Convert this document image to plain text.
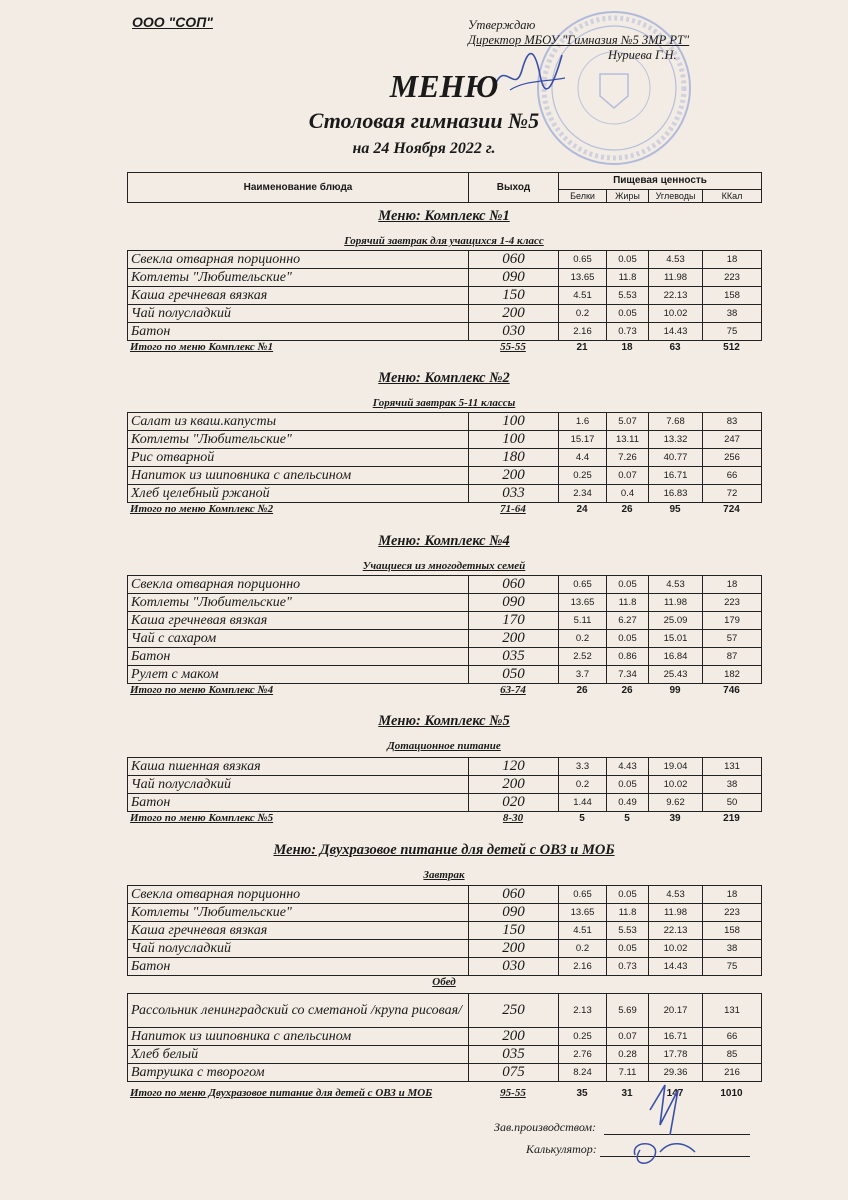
ООО "СОП"	Утверждаю
Директор МБОУ "Гимназия №5 ЗМР РТ"
Нуриева Г.Н.
МЕНЮ
Столовая гимназии №5
на 24 Ноября 2022 г.
Наименование блюда	Выход	Пищевая ценность			
		Белки	Жиры	Углеводы	ККал
Меню: Комплекс №1
Горячий завтрак для учащихся 1-4 класс
Свекла отварная порционно	060	0.65	0.05	4.53	18
Котлеты "Любительские"	090	13.65	11.8	11.98	223
Каша гречневая вязкая	150	4.51	5.53	22.13	158
Чай полусладкий	200	0.2	0.05	10.02	38
Батон	030	2.16	0.73	14.43	75
Итого по меню Комплекс №1	55-55	21	18	63	512
Меню: Комплекс №2
Горячий завтрак 5-11 классы
Салат из кваш.капусты	100	1.6	5.07	7.68	83
Котлеты "Любительские"	100	15.17	13.11	13.32	247
Рис отварной	180	4.4	7.26	40.77	256
Напиток из шиповника с апельсином	200	0.25	0.07	16.71	66
Хлеб целебный ржаной	033	2.34	0.4	16.83	72
Итого по меню Комплекс №2	71-64	24	26	95	724
Меню: Комплекс №4
Учащиеся из многодетных семей
Свекла отварная порционно	060	0.65	0.05	4.53	18
Котлеты "Любительские"	090	13.65	11.8	11.98	223
Каша гречневая вязкая	170	5.11	6.27	25.09	179
Чай с сахаром	200	0.2	0.05	15.01	57
Батон	035	2.52	0.86	16.84	87
Рулет с маком	050	3.7	7.34	25.43	182
Итого по меню Комплекс №4	63-74	26	26	99	746
Меню: Комплекс №5
Дотационное питание
Каша пшенная вязкая	120	3.3	4.43	19.04	131
Чай полусладкий	200	0.2	0.05	10.02	38
Батон	020	1.44	0.49	9.62	50
Итого по меню Комплекс №5	8-30	5	5	39	219
Меню: Двухразовое питание для детей с ОВЗ и МОБ
Завтрак
Свекла отварная порционно	060	0.65	0.05	4.53	18
Котлеты "Любительские"	090	13.65	11.8	11.98	223
Каша гречневая вязкая	150	4.51	5.53	22.13	158
Чай полусладкий	200	0.2	0.05	10.02	38
Батон	030	2.16	0.73	14.43	75
Обед
Рассольник ленинградский со сметаной /крупа рисовая/	250	2.13	5.69	20.17	131
Напиток из шиповника с апельсином	200	0.25	0.07	16.71	66
Хлеб белый	035	2.76	0.28	17.78	85
Ватрушка с творогом	075	8.24	7.11	29.36	216
Итого по меню Двухразовое питание для детей с ОВЗ и МОБ	95-55	35	31	147	1010
Зав.производством:
Калькулятор:
